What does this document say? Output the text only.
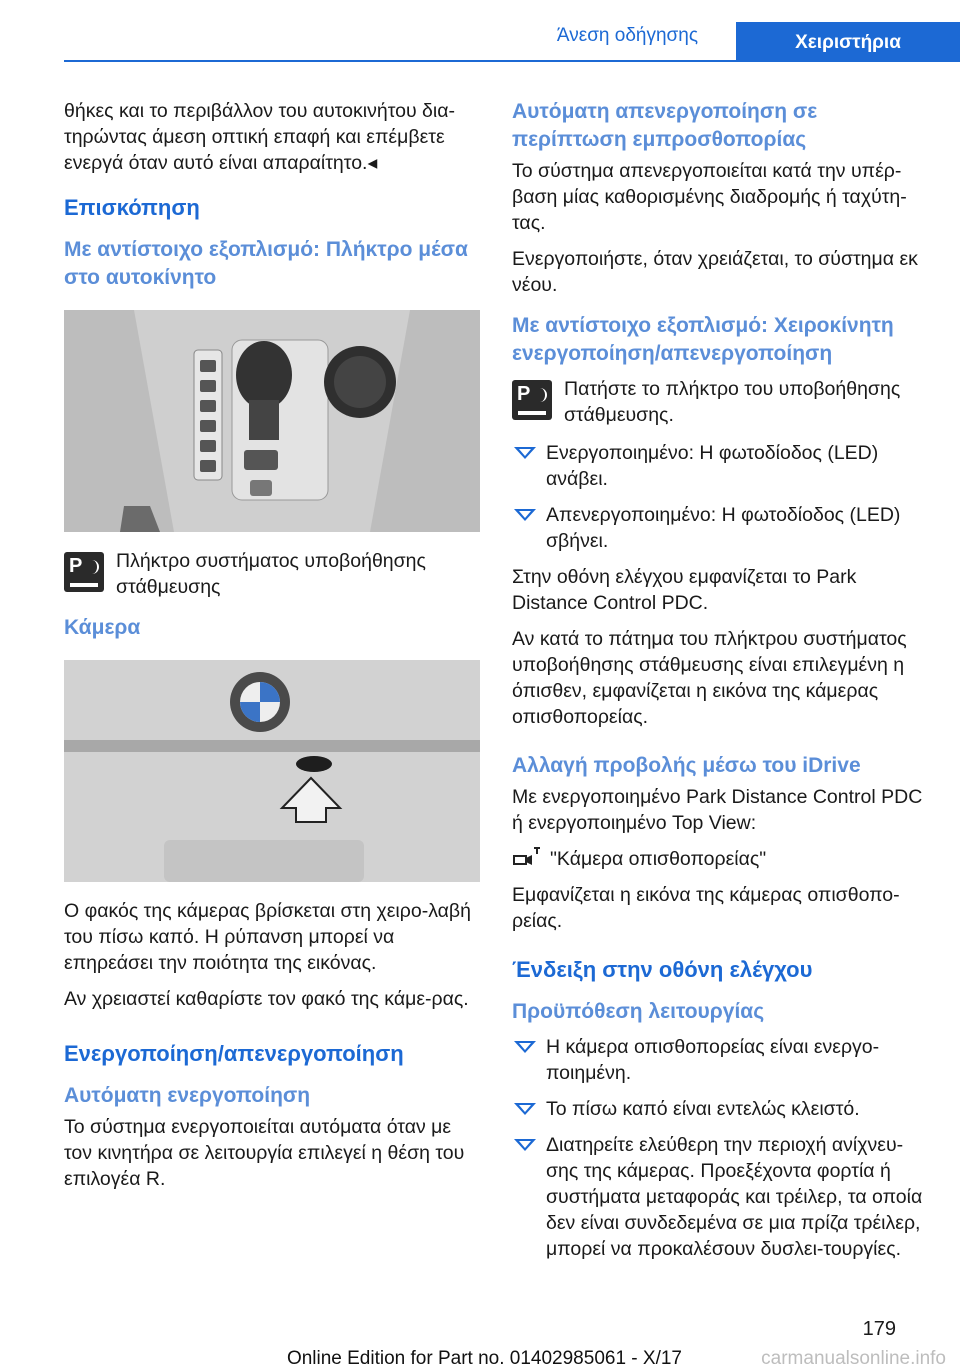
Άνεση οδήγησης	Χειριστήρια

θήκες και το περιβάλλον του αυτοκινήτου δια-τηρώντας άμεση οπτική επαφή και επέμβετε ενεργά όταν αυτό είναι απαραίτητο.◂

Επισκόπηση
Με αντίστοιχο εξοπλισμό: Πλήκτρο μέσα στο αυτοκίνητο
P Πλήκτρο συστήματος υποβοήθησης στάθμευσης

Κάμερα

Ο φακός της κάμερας βρίσκεται στη χειρο-λαβή του πίσω καπό. Η ρύπανση μπορεί να επηρεάσει την ποιότητα της εικόνας.

Αν χρειαστεί καθαρίστε τον φακό της κάμε-ρας.

Ενεργοποίηση/απενεργοποίηση
Αυτόματη ενεργοποίηση

Το σύστημα ενεργοποιείται αυτόματα όταν με τον κινητήρα σε λειτουργία επιλεγεί η θέση του επιλογέα R.

Αυτόματη απενεργοποίηση σε περίπτωση εμπροσθοπορίας

Το σύστημα απενεργοποιείται κατά την υπέρ-βαση μίας καθορισμένης διαδρομής ή ταχύτη-τας.

Ενεργοποιήστε, όταν χρειάζεται, το σύστημα εκ νέου.

Με αντίστοιχο εξοπλισμό: Χειροκίνητη ενεργοποίηση/απενεργοποίηση
P Πατήστε το πλήκτρο του υποβοήθησης στάθμευσης.

Ενεργοποιημένο: Η φωτοδίοδος (LED) ανάβει.
Απενεργοποιημένο: Η φωτοδίοδος (LED) σβήνει.

Στην οθόνη ελέγχου εμφανίζεται το Park Distance Control PDC.

Αν κατά το πάτημα του πλήκτρου συστήματος υποβοήθησης στάθμευσης είναι επιλεγμένη η όπισθεν, εμφανίζεται η εικόνα της κάμερας οπισθοπορείας.

Αλλαγή προβολής μέσω του iDrive

Με ενεργοποιημένο Park Distance Control PDC ή ενεργοποιημένο Top View:

"Κάμερα οπισθοπορείας"

Εμφανίζεται η εικόνα της κάμερας οπισθοπο-ρείας.

Ένδειξη στην οθόνη ελέγχου
Προϋπόθεση λειτουργίας
Η κάμερα οπισθοπορείας είναι ενεργο-ποιημένη.
Το πίσω καπό είναι εντελώς κλειστό.
Διατηρείτε ελεύθερη την περιοχή ανίχνευ-σης της κάμερας. Προεξέχοντα φορτία ή συστήματα μεταφοράς και τρέιλερ, τα οποία δεν είναι συνδεδεμένα σε μια πρίζα τρέιλερ, μπορεί να προκαλέσουν δυσλει-τουργίες.
179
Online Edition for Part no. 01402985061 - X/17	carmanualsonline.info
